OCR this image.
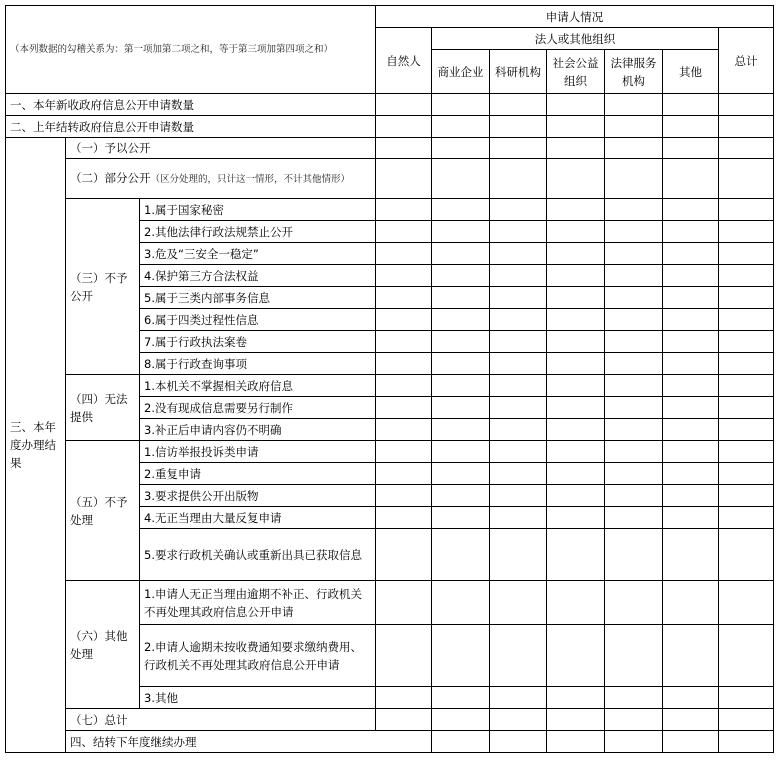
（本列数据的勾稽关系为：第一项加第二项之和，等于第三项加第四项之和）			申请人情况							
			自然人	法人或其他组织					总计	
				商业企业	科研机构	社会公益组织	法律服务机构	其他		
一、本年新收政府信息公开申请数量										
二、上年结转政府信息公开申请数量										
三、本年度办理结果	（一）予以公开									
	（二）部分公开（区分处理的，只计这一情形，不计其他情形）									
	（三）不予公开	1.属于国家秘密								
		2.其他法律行政法规禁止公开								
		3.危及“三安全一稳定”								
		4.保护第三方合法权益								
		5.属于三类内部事务信息								
		6.属于四类过程性信息								
		7.属于行政执法案卷								
		8.属于行政查询事项								
	（四）无法提供	1.本机关不掌握相关政府信息								
		2.没有现成信息需要另行制作								
		3.补正后申请内容仍不明确								
	（五）不予处理	1.信访举报投诉类申请								
		2.重复申请								
		3.要求提供公开出版物								
		4.无正当理由大量反复申请								
		5.要求行政机关确认或重新出具已获取信息								
	（六）其他处理	1.申请人无正当理由逾期不补正、行政机关不再处理其政府信息公开申请								
		2.申请人逾期未按收费通知要求缴纳费用、行政机关不再处理其政府信息公开申请								
		3.其他								
	（七）总计									
	四、结转下年度继续办理									
